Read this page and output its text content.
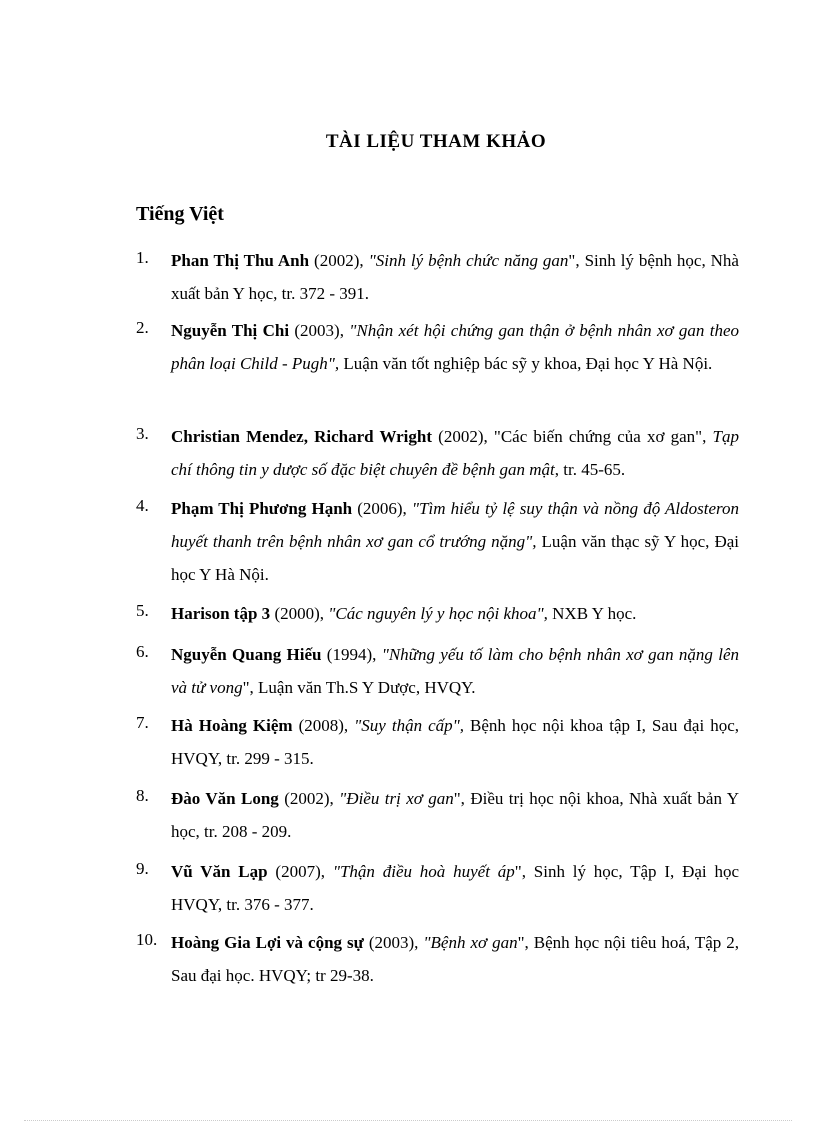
TÀI LIỆU THAM KHẢO
Tiếng Việt
1. Phan Thị Thu Anh (2002), "Sinh lý bệnh chức năng gan", Sinh lý bệnh học, Nhà xuất bản Y học, tr. 372 - 391.
2. Nguyễn Thị Chi (2003), "Nhận xét hội chứng gan thận ở bệnh nhân xơ gan theo phân loại Child - Pugh", Luận văn tốt nghiệp bác sỹ y khoa, Đại học Y Hà Nội.
3. Christian Mendez, Richard Wright (2002), "Các biến chứng của xơ gan", Tạp chí thông tin y dược số đặc biệt chuyên đề bệnh gan mật, tr. 45-65.
4. Phạm Thị Phương Hạnh (2006), "Tìm hiểu tỷ lệ suy thận và nồng độ Aldosteron huyết thanh trên bệnh nhân xơ gan cổ trướng nặng", Luận văn thạc sỹ Y học, Đại học Y Hà Nội.
5. Harison tập 3 (2000), "Các nguyên lý y học nội khoa", NXB Y học.
6. Nguyễn Quang Hiếu (1994), "Những yếu tố làm cho bệnh nhân xơ gan nặng lên và tử vong", Luận văn Th.S Y Dược, HVQY.
7. Hà Hoàng Kiệm (2008), "Suy thận cấp", Bệnh học nội khoa tập I, Sau đại học, HVQY, tr. 299 - 315.
8. Đào Văn Long (2002), "Điều trị xơ gan", Điều trị học nội khoa, Nhà xuất bản Y học, tr. 208 - 209.
9. Vũ Văn Lạp (2007), "Thận điều hoà huyết áp", Sinh lý học, Tập I, Đại học HVQY, tr. 376 - 377.
10. Hoàng Gia Lợi và cộng sự (2003), "Bệnh xơ gan", Bệnh học nội tiêu hoá, Tập 2, Sau đại học. HVQY; tr 29-38.
